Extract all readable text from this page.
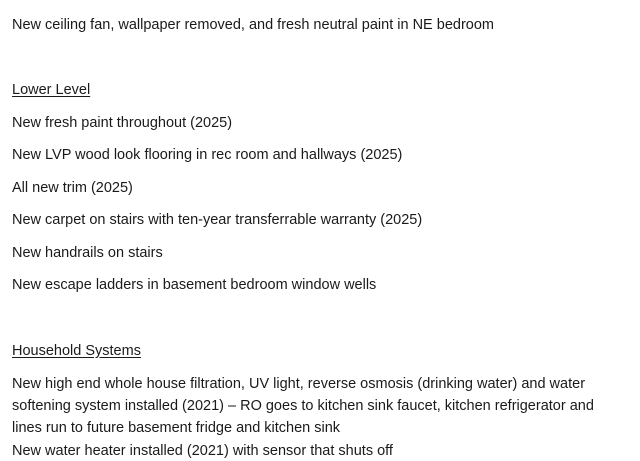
New ceiling fan, wallpaper removed, and fresh neutral paint in NE bedroom

Lower Level

New fresh paint throughout (2025)

New LVP wood look flooring in rec room and hallways (2025)

All new trim (2025)

New carpet on stairs with ten-year transferrable warranty (2025)

New handrails on stairs

New escape ladders in basement bedroom window wells

Household Systems

New high end whole house filtration, UV light, reverse osmosis (drinking water) and water softening system installed (2021) – RO goes to kitchen sink faucet, kitchen refrigerator and lines run to future basement fridge and kitchen sink

New water heater installed (2021) with sensor that shuts off
